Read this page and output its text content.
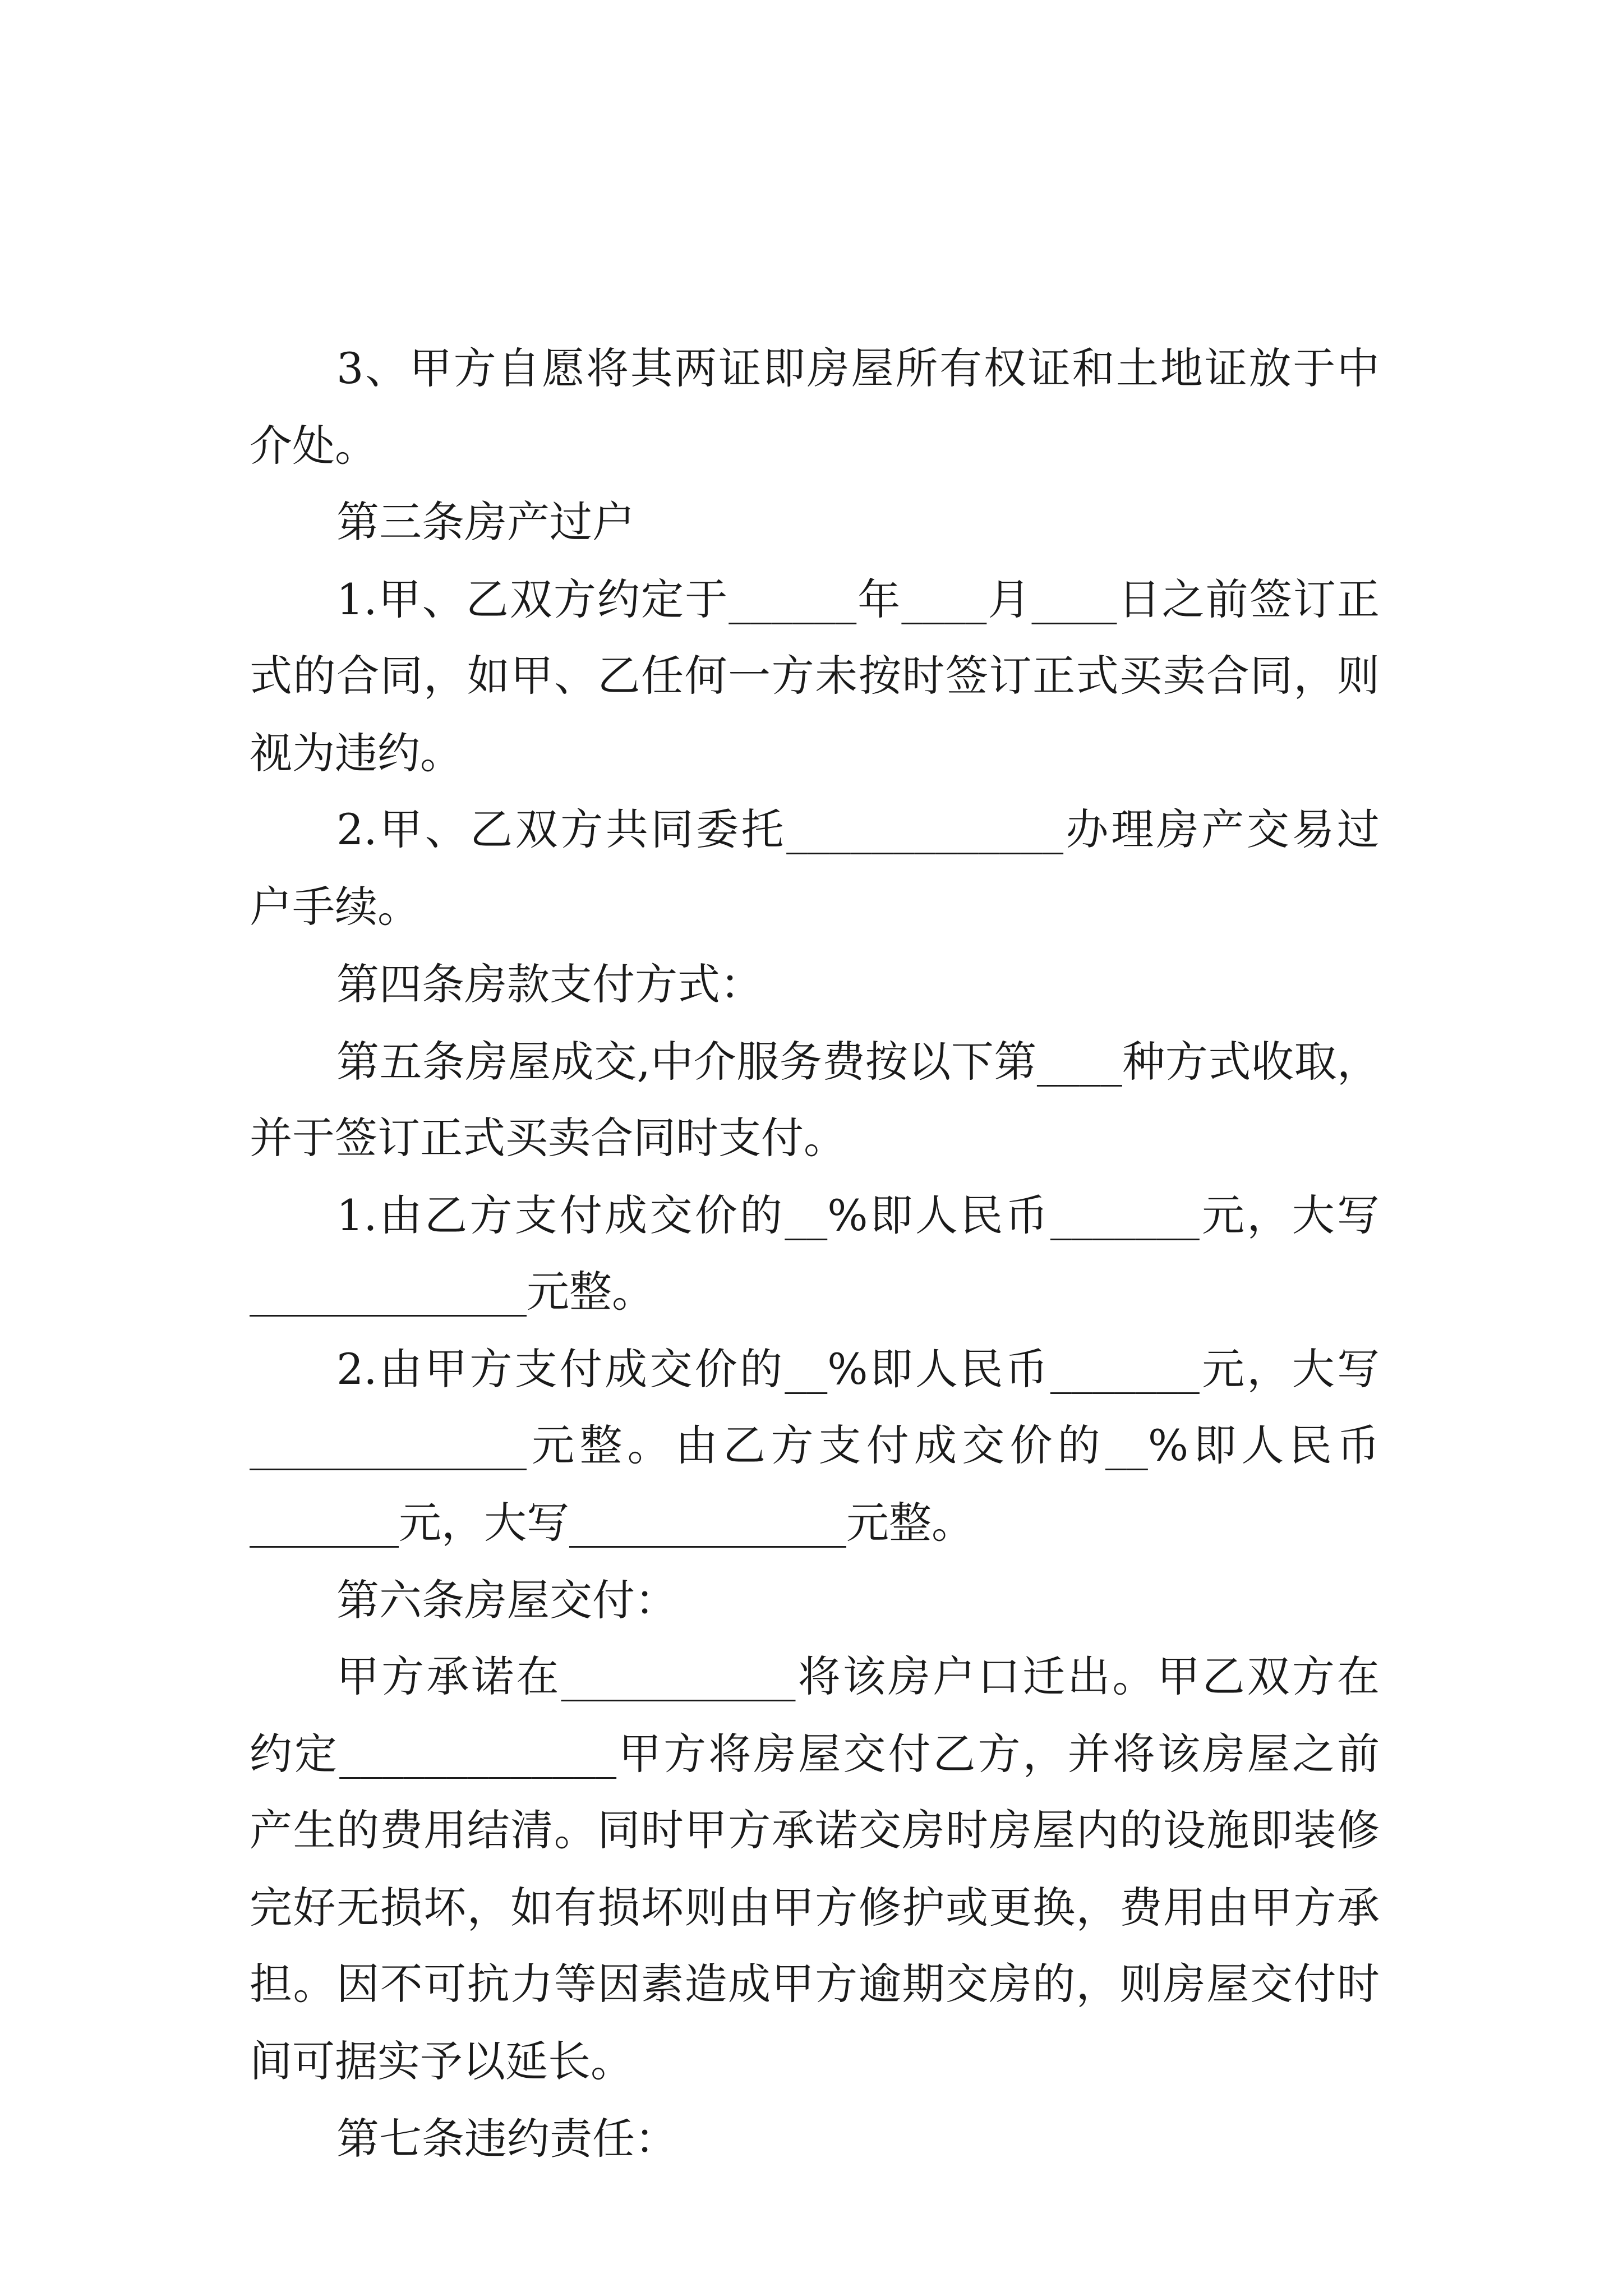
3、甲方自愿将其两证即房屋所有权证和土地证放于中

介处。

第三条房产过户

1.甲、乙双方约定于______年____月____日之前签订正

式的合同，如甲、乙任何一方未按时签订正式买卖合同，则

视为违约。

2.甲、乙双方共同委托_____________办理房产交易过

户手续。

第四条房款支付方式：

第五条房屋成交,中介服务费按以下第____种方式收取，

并于签订正式买卖合同时支付。

1.由乙方支付成交价的__%即人民币_______元，大写

_____________元整。

2.由甲方支付成交价的__%即人民币_______元，大写

_____________元整。由乙方支付成交价的__%即人民币

_______元，大写_____________元整。

第六条房屋交付：

甲方承诺在___________将该房户口迁出。甲乙双方在

约定_____________甲方将房屋交付乙方，并将该房屋之前

产生的费用结清。同时甲方承诺交房时房屋内的设施即装修

完好无损坏，如有损坏则由甲方修护或更换，费用由甲方承

担。因不可抗力等因素造成甲方逾期交房的，则房屋交付时

间可据实予以延长。

第七条违约责任：
